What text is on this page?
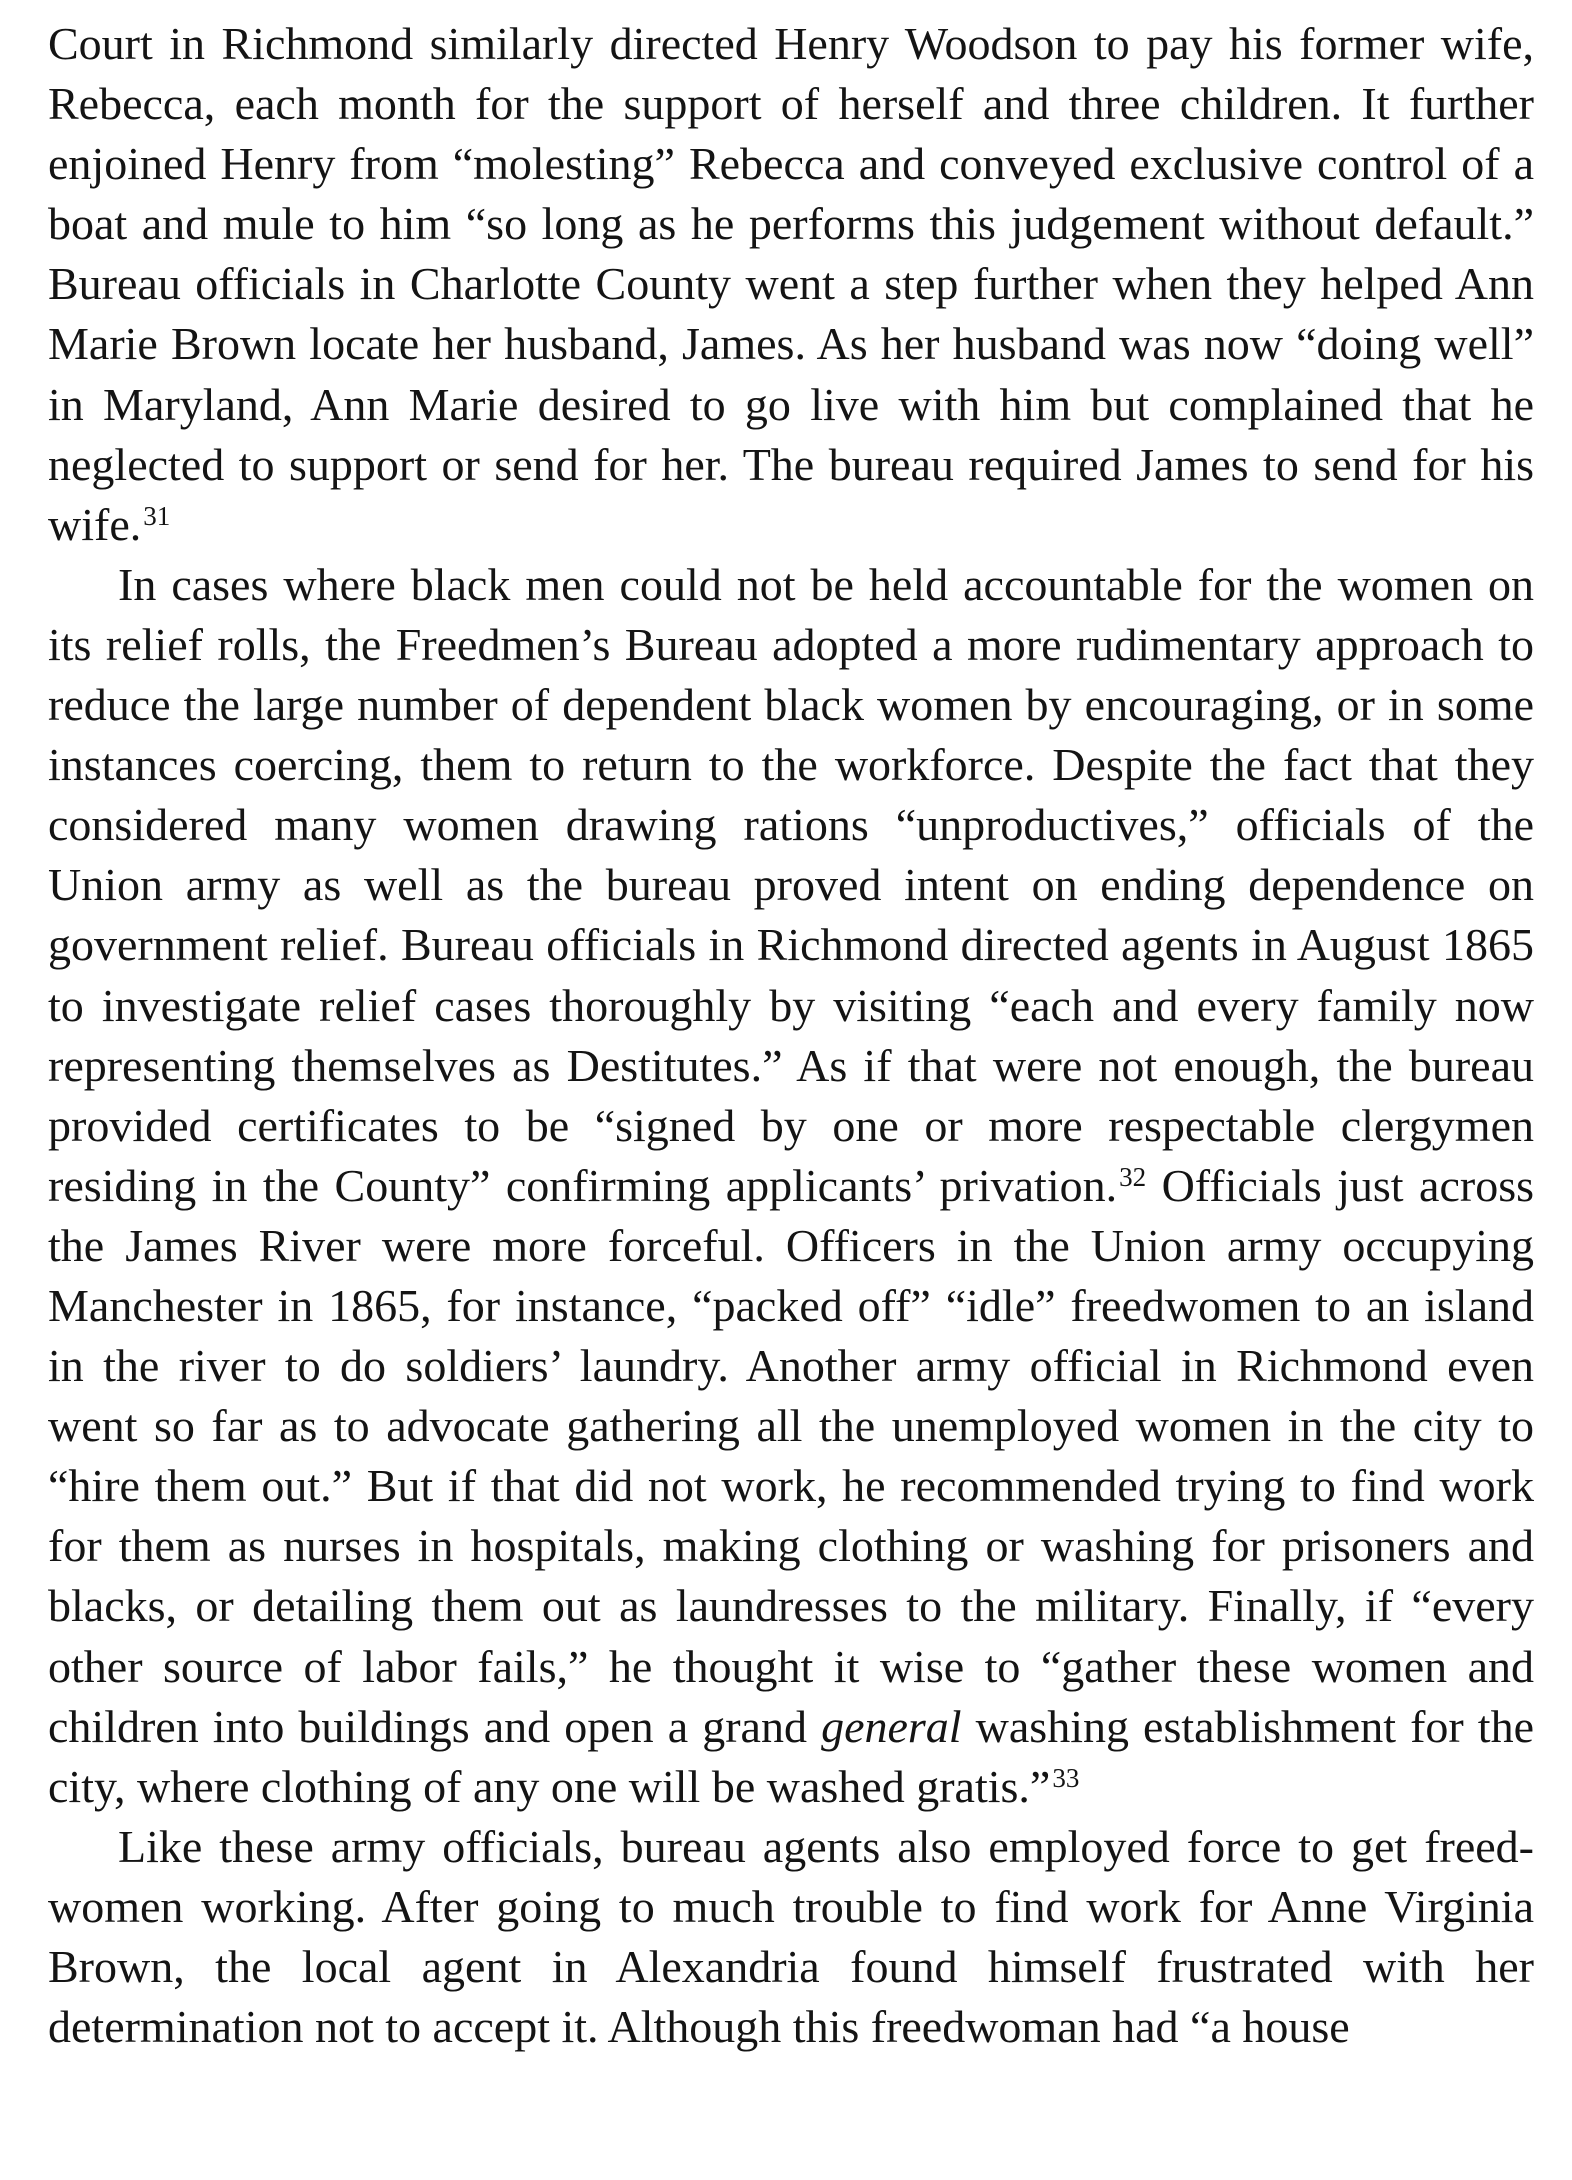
Court in Richmond similarly directed Henry Woodson to pay his former wife, Rebecca, each month for the support of herself and three children. It further enjoined Henry from “molesting” Rebecca and conveyed exclusive control of a boat and mule to him “so long as he performs this judgement without default.” Bureau officials in Charlotte County went a step further when they helped Ann Marie Brown locate her husband, James. As her husband was now “doing well” in Maryland, Ann Marie desired to go live with him but complained that he neglected to support or send for her. The bureau required James to send for his wife.$^{31}$

In cases where black men could not be held accountable for the women on its relief rolls, the Freedmen’s Bureau adopted a more rudimentary approach to reduce the large number of dependent black women by encouraging, or in some instances coercing, them to return to the workforce. Despite the fact that they considered many women drawing rations “unproductives,” officials of the Union army as well as the bureau proved intent on ending dependence on government relief. Bureau officials in Richmond directed agents in August 1865 to investigate relief cases thoroughly by visiting “each and every family now representing themselves as Destitutes.” As if that were not enough, the bureau provided certificates to be “signed by one or more respectable clergymen residing in the County” confirming applicants’ privation.$^{32}$ Officials just across the James River were more forceful. Officers in the Union army occupying Manchester in 1865, for instance, “packed off” “idle” freedwomen to an island in the river to do soldiers’ laundry. Another army official in Richmond even went so far as to advocate gathering all the unemployed women in the city to “hire them out.” But if that did not work, he recommended trying to find work for them as nurses in hospitals, making clothing or washing for prisoners and blacks, or detailing them out as laundresses to the military. Finally, if “every other source of labor fails,” he thought it wise to “gather these women and children into buildings and open a grand general washing establishment for the city, where clothing of any one will be washed gratis.”$^{33}$

Like these army officials, bureau agents also employed force to get freedwomen working. After going to much trouble to find work for Anne Virginia Brown, the local agent in Alexandria found himself frustrated with her determination not to accept it. Although this freedwoman had “a house
